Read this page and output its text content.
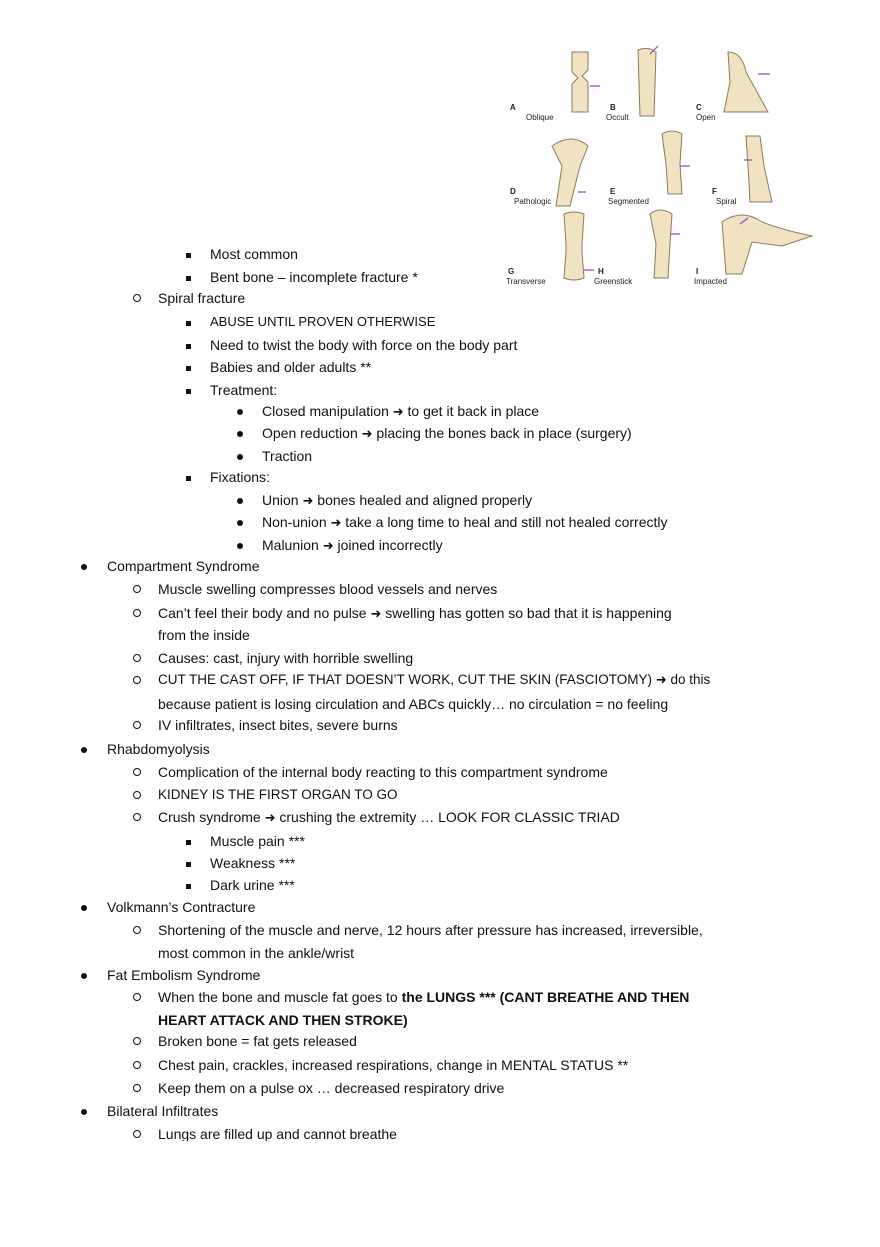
A
Oblique
B
Occult
C
Open
D
Pathologic
E
Segmented
F
Spiral
G
Transverse
H
Greenstick
I
Impacted
Most common
Bent bone – incomplete fracture *
Spiral fracture
ABUSE UNTIL PROVEN OTHERWISE
Need to twist the body with force on the body part
Babies and older adults **
Treatment:
Closed manipulation ➜ to get it back in place
Open reduction ➜ placing the bones back in place (surgery)
Traction
Fixations:
Union ➜ bones healed and aligned properly
Non-union ➜ take a long time to heal and still not healed correctly
Malunion ➜ joined incorrectly
Compartment Syndrome
Muscle swelling compresses blood vessels and nerves
Can’t feel their body and no pulse ➜ swelling has gotten so bad that it is happening
from the inside
Causes: cast, injury with horrible swelling
CUT THE CAST OFF, IF THAT DOESN’T WORK, CUT THE SKIN (FASCIOTOMY) ➜ do this
because patient is losing circulation and ABCs quickly… no circulation = no feeling
IV infiltrates, insect bites, severe burns
Rhabdomyolysis
Complication of the internal body reacting to this compartment syndrome
KIDNEY IS THE FIRST ORGAN TO GO
Crush syndrome ➜ crushing the extremity … LOOK FOR CLASSIC TRIAD
Muscle pain ***
Weakness ***
Dark urine ***
Volkmann’s Contracture
Shortening of the muscle and nerve, 12 hours after pressure has increased, irreversible,
most common in the ankle/wrist
Fat Embolism Syndrome
When the bone and muscle fat goes to the LUNGS *** (CANT BREATHE AND THEN
HEART ATTACK AND THEN STROKE)
Broken bone = fat gets released
Chest pain, crackles, increased respirations, change in MENTAL STATUS **
Keep them on a pulse ox … decreased respiratory drive
Bilateral Infiltrates
Lungs are filled up and cannot breathe
